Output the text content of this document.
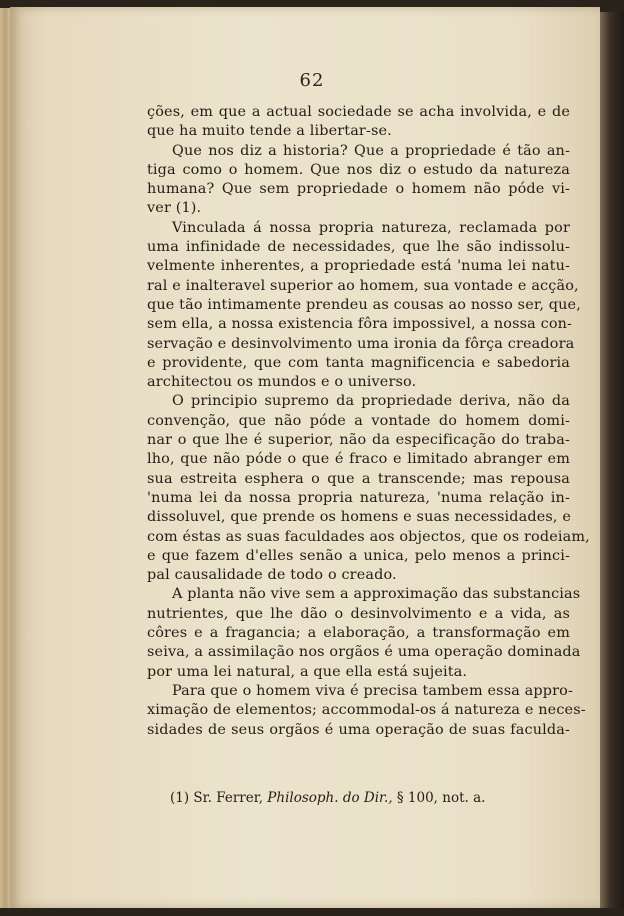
62
ções, em que a actual sociedade se acha involvida, e de
que ha muito tende a libertar-se.
Que nos diz a historia? Que a propriedade é tão an-
tiga como o homem. Que nos diz o estudo da natureza
humana? Que sem propriedade o homem não póde vi-
ver (1).
Vinculada á nossa propria natureza, reclamada por
uma infinidade de necessidades, que lhe são indissolu-
velmente inherentes, a propriedade está 'numa lei natu-
ral e inalteravel superior ao homem, sua vontade e acção,
que tão intimamente prendeu as cousas ao nosso ser, que,
sem ella, a nossa existencia fôra impossivel, a nossa con-
servação e desinvolvimento uma ironia da fôrça creadora
e providente, que com tanta magnificencia e sabedoria
architectou os mundos e o universo.
O principio supremo da propriedade deriva, não da
convenção, que não póde a vontade do homem domi-
nar o que lhe é superior, não da especificação do traba-
lho, que não póde o que é fraco e limitado abranger em
sua estreita esphera o que a transcende; mas repousa
'numa lei da nossa propria natureza, 'numa relação in-
dissoluvel, que prende os homens e suas necessidades, e
com éstas as suas faculdades aos objectos, que os rodeiam,
e que fazem d'elles senão a unica, pelo menos a princi-
pal causalidade de todo o creado.
A planta não vive sem a approximação das substancias
nutrientes, que lhe dão o desinvolvimento e a vida, as
côres e a fragancia; a elaboração, a transformação em
seiva, a assimilação nos orgãos é uma operação dominada
por uma lei natural, a que ella está sujeita.
Para que o homem viva é precisa tambem essa appro-
ximação de elementos; accommodal-os á natureza e neces-
sidades de seus orgãos é uma operação de suas faculda-
(1) Sr. Ferrer, Philosoph. do Dir., § 100, not. a.
